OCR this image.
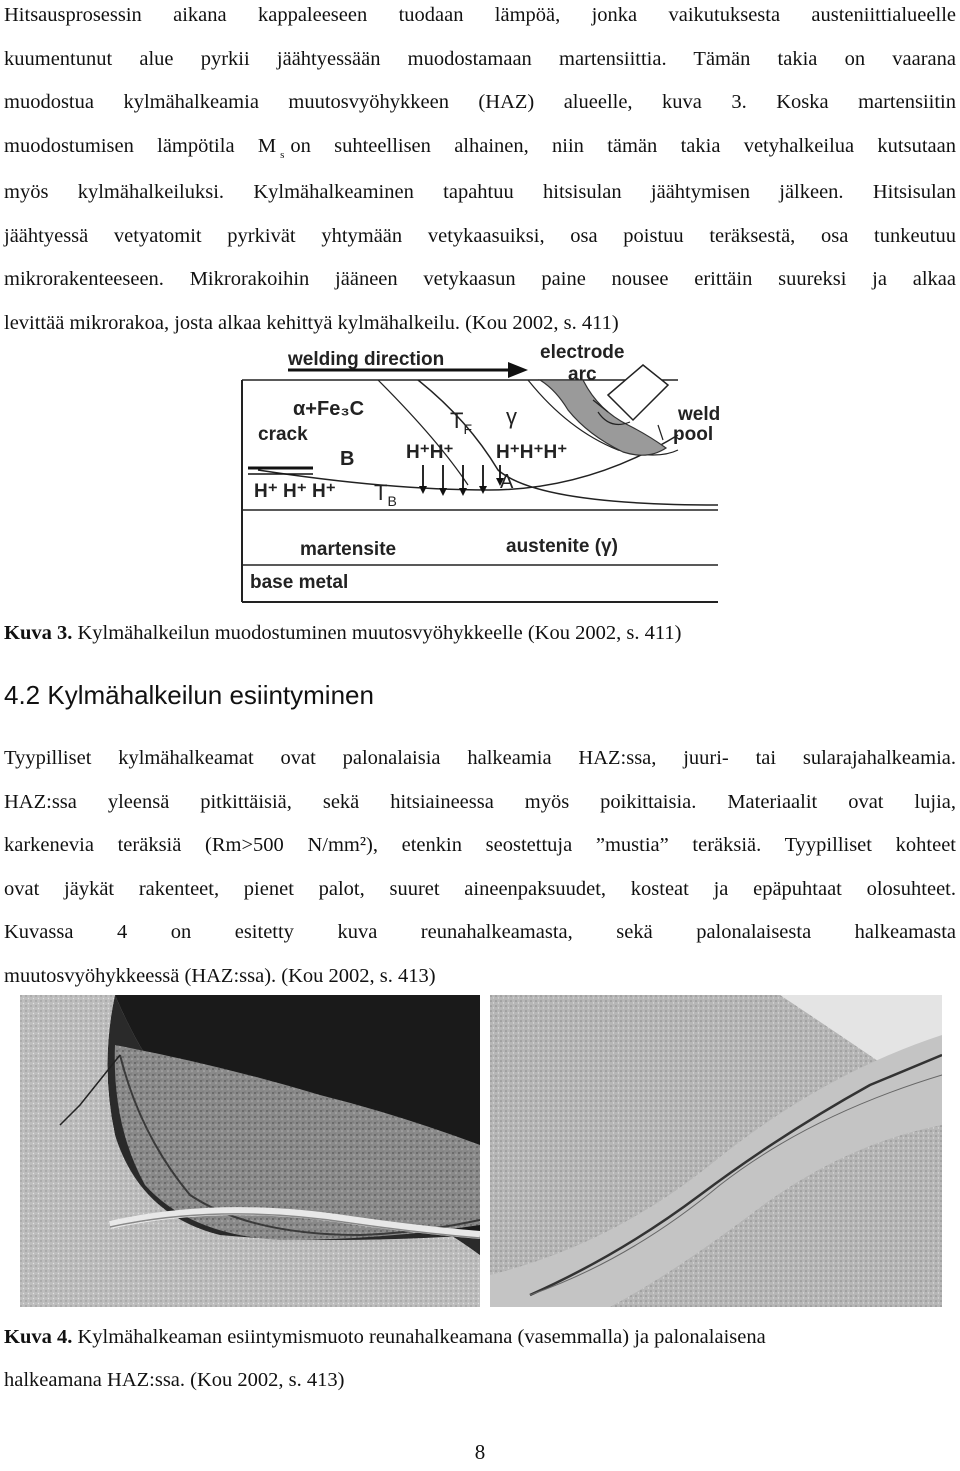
Hitsausprosessin aikana kappaleeseen tuodaan lämpöä, jonka vaikutuksesta austeniittialueelle
kuumentunut alue pyrkii jäähtyessään muodostamaan martensiittia. Tämän takia on vaarana
muodostua kylmähalkeamia muutosvyöhykkeen (HAZ) alueelle, kuva 3. Koska martensiitin
muodostumisen lämpötila M $_s$ on suhteellisen alhainen, niin tämän takia vetyhalkeilua kutsutaan
myös kylmähalkeiluksi. Kylmähalkeaminen tapahtuu hitsisulan jäähtymisen jälkeen. Hitsisulan
jäähtyessä vetyatomit pyrkivät yhtymään vetykaasuiksi, osa poistuu teräksestä, osa tunkeutuu
mikrorakenteeseen. Mikrorakoihin jääneen vetykaasun paine nousee erittäin suureksi ja alkaa
levittää mikrorakoa, josta alkaa kehittyä kylmähalkeilu. (Kou 2002, s. 411)
welding direction	electrode
arc
weld
pool
α+Fe₃C
crack
$T_F$ γ
B	H⁺H⁺ H⁺H⁺H⁺
A
H⁺ H⁺ H⁺ $T_B$
martensite	austenite (γ)
base metal

Kuva 3. Kylmähalkeilun muodostuminen muutosvyöhykkeelle (Kou 2002, s. 411)

4.2 Kylmähalkeilun esiintyminen
Tyypilliset kylmähalkeamat ovat palonalaisia halkeamia HAZ:ssa, juuri- tai sularajahalkeamia.
HAZ:ssa yleensä pitkittäisiä, sekä hitsiaineessa myös poikittaisia. Materiaalit ovat lujia,
karkenevia teräksiä (Rm>500 N/mm²), etenkin seostettuja ”mustia” teräksiä. Tyypilliset kohteet
ovat jäykät rakenteet, pienet palot, suuret aineenpaksuudet, kosteat ja epäpuhtaat olosuhteet.
Kuvassa 4 on esitetty kuva reunahalkeamasta, sekä palonalaisesta halkeamasta
muutosvyöhykkeessä (HAZ:ssa). (Kou 2002, s. 413)

Kuva 4. Kylmähalkeaman esiintymismuoto reunahalkeamana (vasemmalla) ja palonalaisena
halkeamana HAZ:ssa. (Kou 2002, s. 413)

8
